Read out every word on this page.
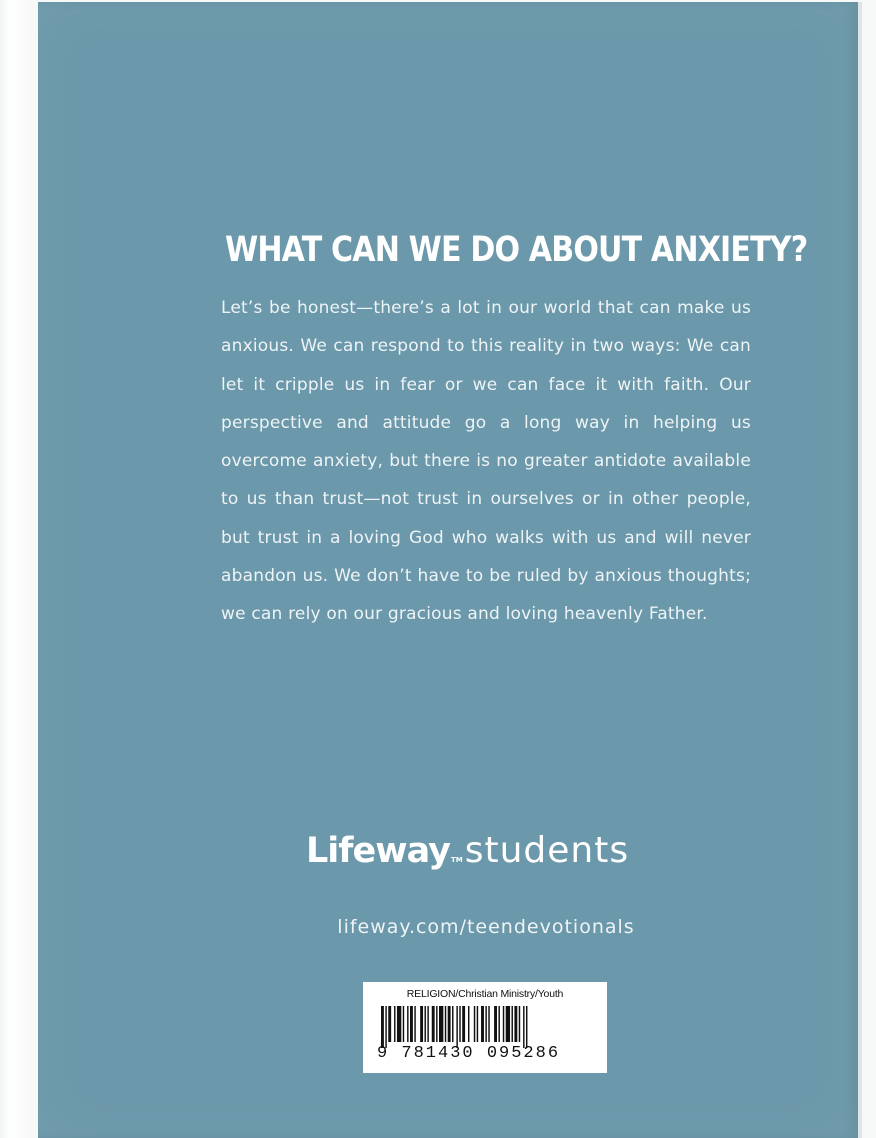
WHAT CAN WE DO ABOUT ANXIETY?
Let’s be honest—there’s a lot in our world that can make us anxious. We can respond to this reality in two ways: We can let it cripple us in fear or we can face it with faith. Our perspective and attitude go a long way in helping us overcome anxiety, but there is no greater antidote available to us than trust—not trust in ourselves or in other people, but trust in a loving God who walks with us and will never abandon us. We don’t have to be ruled by anxious thoughts; we can rely on our gracious and loving heavenly Father.
LifewayTMstudents
lifeway.com/teendevotionals
RELIGION/Christian Ministry/Youth
9 781430 095286
